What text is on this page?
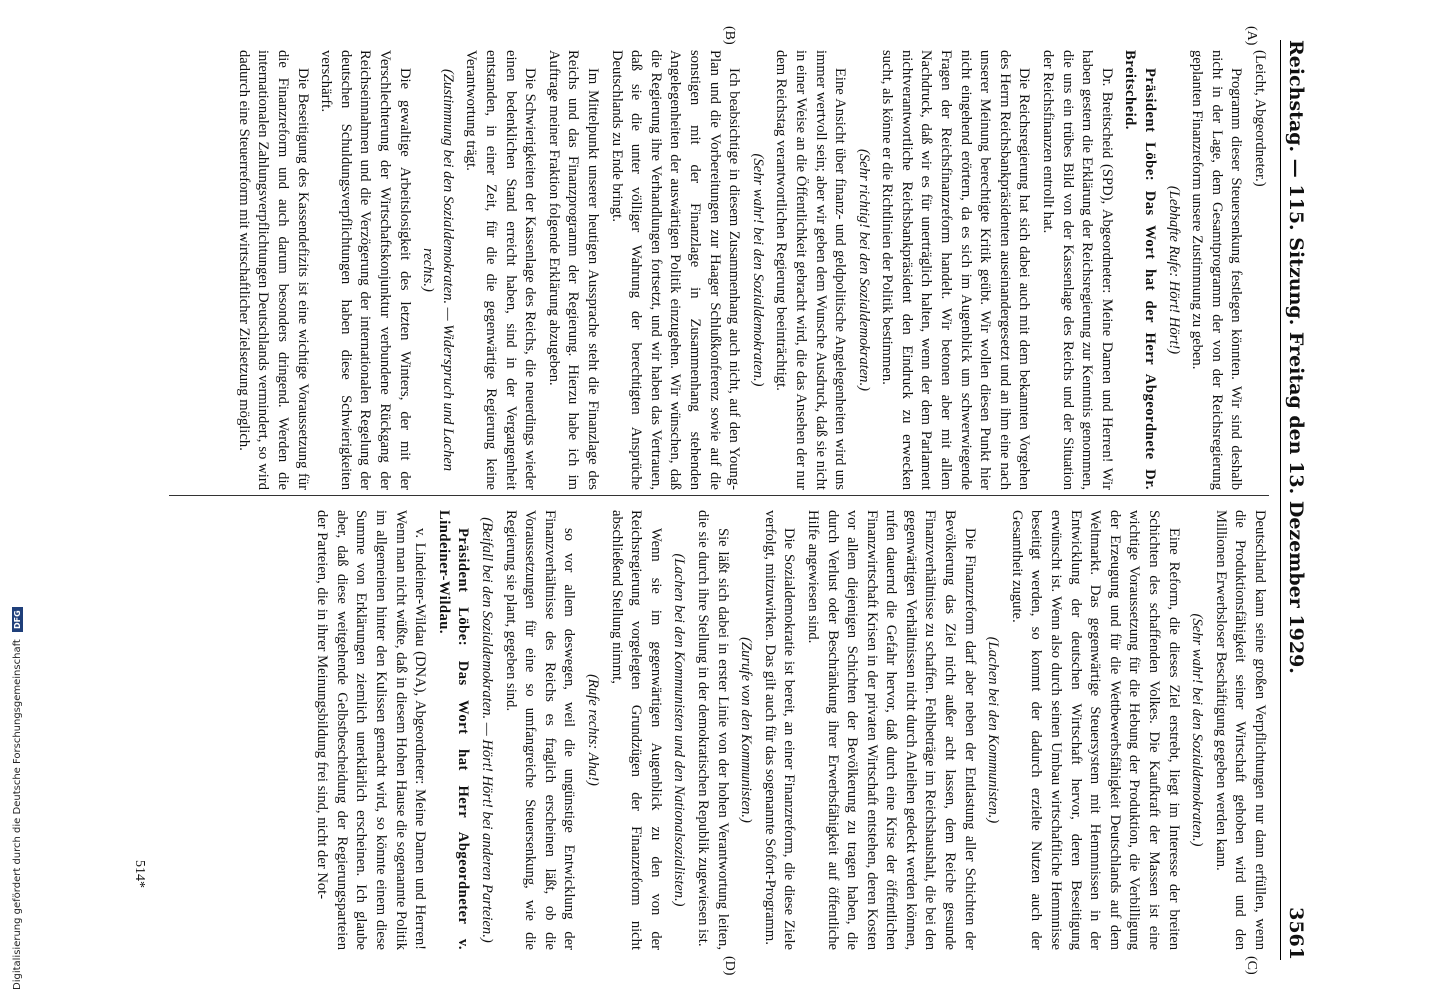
Reichstag. — 115. Sitzung. Freitag den 13. Dezember 1929.
3561
(A)
(B)
(C)
(D)

(Leicht, Abgeordneter.)

Programm dieser Steuersenkung festlegen könnten. Wir sind deshalb nicht in der Lage, dem Gesamtprogramm der von der Reichsregierung geplanten Finanzreform unsere Zustimmung zu geben.

(Lebhafte Rufe: Hört! Hört!)

Präsident Löbe: Das Wort hat der Herr Abgeordnete Dr. Breitscheid.

Dr. Breitscheid (SPD), Abgeordneter: Meine Damen und Herren! Wir haben gestern die Erklärung der Reichsregierung zur Kenntnis genommen, die uns ein trübes Bild von der Kassenlage des Reichs und der Situation der Reichsfinanzen entrollt hat.

Die Reichsregierung hat sich dabei auch mit dem bekannten Vorgehen des Herrn Reichsbankpräsidenten auseinandergesetzt und an ihm eine nach unserer Meinung berechtigte Kritik geübt. Wir wollen diesen Punkt hier nicht eingehend erörtern, da es sich im Augenblick um schwerwiegende Fragen der Reichsfinanzreform handelt. Wir betonen aber mit allem Nachdruck, daß wir es für unerträglich halten, wenn der dem Parlament nichtverantwortliche Reichsbankpräsident den Eindruck zu erwecken sucht, als könne er die Richtlinien der Politik bestimmen.

(Sehr richtig! bei den Sozialdemokraten.)

Eine Ansicht über finanz- und geldpolitische Angelegenheiten wird uns immer wertvoll sein; aber wir geben dem Wunsche Ausdruck, daß sie nicht in einer Weise an die Öffentlichkeit gebracht wird, die das Ansehen der nur dem Reichstag verantwortlichen Regierung beeinträchtigt.

(Sehr wahr! bei den Sozialdemokraten.)

Ich beabsichtige in diesem Zusammenhang auch nicht, auf den Young-Plan und die Vorbereitungen zur Haager Schlußkonferenz sowie auf die sonstigen mit der Finanzlage in Zusammenhang stehenden Angelegenheiten der auswärtigen Politik einzugehen. Wir wünschen, daß die Regierung ihre Verhandlungen fortsetzt, und wir haben das Vertrauen, daß sie die unter völliger Wahrung der berechtigten Ansprüche Deutschlands zu Ende bringt.

Im Mittelpunkt unserer heutigen Aussprache steht die Finanzlage des Reichs und das Finanzprogramm der Regierung. Hierzu habe ich im Auftrage meiner Fraktion folgende Erklärung abzugeben.

Die Schwierigkeiten der Kassenlage des Reichs, die neuerdings wieder einen bedenklichen Stand erreicht haben, sind in der Vergangenheit entstanden, in einer Zeit, für die die gegenwärtige Regierung keine Verantwortung trägt.

(Zustimmung bei den Sozialdemokraten. — Widerspruch und Lachen rechts.)

Die gewaltige Arbeitslosigkeit des letzten Winters, der mit der Verschlechterung der Wirtschaftskonjunktur verbundene Rückgang der Reichseinnahmen und die Verzögerung der internationalen Regelung der deutschen Schuldungsverpflichtungen haben diese Schwierigkeiten verschärft.

Die Beseitigung des Kassendefizits ist eine wichtige Voraussetzung für die Finanzreform und auch darum besonders dringend. Werden die internationalen Zahlungsverpflichtungen Deutschlands vermindert, so wird dadurch eine Steuerreform mit wirtschaftlicher Zielsetzung möglich.

Deutschland kann seine großen Verpflichtungen nur dann erfüllen, wenn die Produktionsfähigkeit seiner Wirtschaft gehoben wird und den Millionen Erwerbsloser Beschäftigung gegeben werden kann.

(Sehr wahr! bei den Sozialdemokraten.)

Eine Reform, die dieses Ziel erstrebt, liegt im Interesse der breiten Schichten des schaffenden Volkes. Die Kaufkraft der Massen ist eine wichtige Voraussetzung für die Hebung der Produktion, die Verbilligung der Erzeugung und für die Wettbewerbsfähigkeit Deutschlands auf dem Weltmarkt. Das gegenwärtige Steuersystem mit Hemmnissen in der Entwicklung der deutschen Wirtschaft hervor, deren Beseitigung erwünscht ist. Wenn also durch seinen Umbau wirtschaftliche Hemmnisse beseitigt werden, so kommt der dadurch erzielte Nutzen auch der Gesamtheit zugute.

(Lachen bei den Kommunisten.)

Die Finanzreform darf aber neben der Entlastung aller Schichten der Bevölkerung das Ziel nicht außer acht lassen, dem Reiche gesunde Finanzverhältnisse zu schaffen. Fehlbeträge im Reichshaushalt, die bei den gegenwärtigen Verhältnissen nicht durch Anleihen gedeckt werden können, rufen dauernd die Gefahr hervor, daß durch eine Krise der öffentlichen Finanzwirtschaft Krisen in der privaten Wirtschaft entstehen, deren Kosten vor allem diejenigen Schichten der Bevölkerung zu tragen haben, die durch Verlust oder Beschränkung ihrer Erwerbsfähigkeit auf öffentliche Hilfe angewiesen sind.

Die Sozialdemokratie ist bereit, an einer Finanzreform, die diese Ziele verfolgt, mitzuwirken. Das gilt auch für das sogenannte Sofort-Programm.

(Zurufe von den Kommunisten.)

Sie läßt sich dabei in erster Linie von der hohen Verantwortung leiten, die sie durch ihre Stellung in der demokratischen Republik zugewiesen ist.

(Lachen bei den Kommunisten und den Nationalsozialisten.)

Wenn sie im gegenwärtigen Augenblick zu den von der Reichsregierung vorgelegten Grundzügen der Finanzreform nicht abschließend Stellung nimmt,

(Rufe rechts: Aha!)

so vor allem deswegen, weil die ungünstige Entwicklung der Finanzverhältnisse des Reichs es fraglich erscheinen läßt, ob die Voraussetzungen für eine so umfangreiche Steuersenkung, wie die Regierung sie plant, gegeben sind.

(Beifall bei den Sozialdemokraten. — Hört! Hört! bei anderen Parteien.)

Präsident Löbe: Das Wort hat Herr Abgeordneter v. Lindeiner-Wildau.

v. Lindeiner-Wildau (DNA), Abgeordneter: Meine Damen und Herren! Wenn man nicht wüßte, daß in diesem Hohen Hause die sogenannte Politik im allgemeinen hinter den Kulissen gemacht wird, so könnte einem diese Summe von Erklärungen ziemlich unerklärlich erscheinen. Ich glaube aber, daß diese weitgehende Gelbstbescheidung der Regierungsparteien der Parteien, die in ihrer Meinungsbildung frei sind, nicht der Not-

514*
Digitalisierung gefördert durch die Deutsche Forschungsgemeinschaft DFG
